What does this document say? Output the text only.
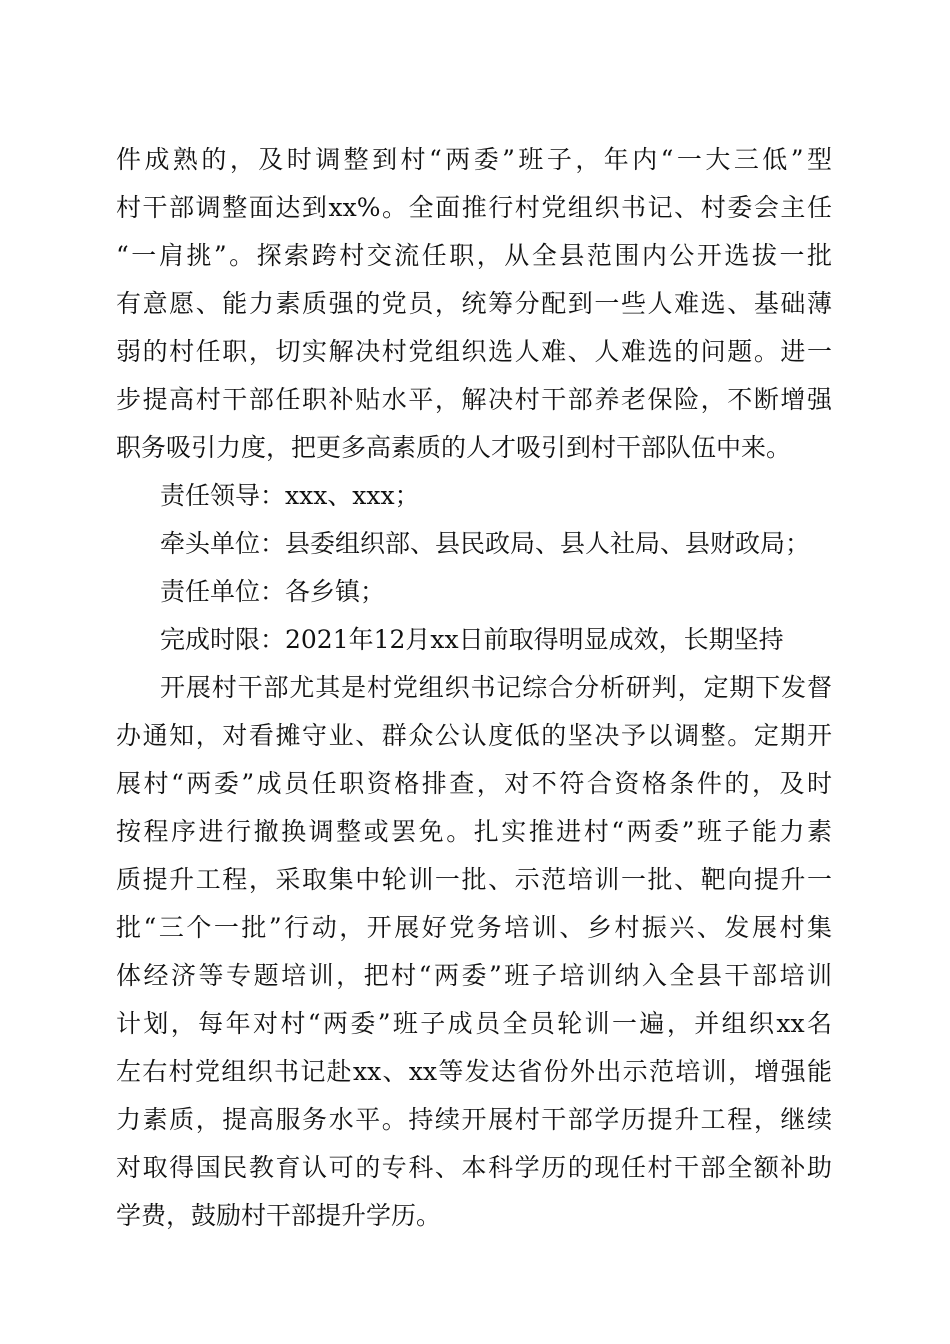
件成熟的，及时调整到村“两委”班子，年内“一大三低”型
村干部调整面达到xx%。全面推行村党组织书记、村委会主任
“一肩挑”。探索跨村交流任职，从全县范围内公开选拔一批
有意愿、能力素质强的党员，统筹分配到一些人难选、基础薄
弱的村任职，切实解决村党组织选人难、人难选的问题。进一
步提高村干部任职补贴水平，解决村干部养老保险，不断增强
职务吸引力度，把更多高素质的人才吸引到村干部队伍中来。
责任领导：xxx、xxx；
牵头单位：县委组织部、县民政局、县人社局、县财政局；
责任单位：各乡镇；
完成时限：2021年12月xx日前取得明显成效，长期坚持
开展村干部尤其是村党组织书记综合分析研判，定期下发督
办通知，对看摊守业、群众公认度低的坚决予以调整。定期开
展村“两委”成员任职资格排查，对不符合资格条件的，及时
按程序进行撤换调整或罢免。扎实推进村“两委”班子能力素
质提升工程，采取集中轮训一批、示范培训一批、靶向提升一
批“三个一批”行动，开展好党务培训、乡村振兴、发展村集
体经济等专题培训，把村“两委”班子培训纳入全县干部培训
计划，每年对村“两委”班子成员全员轮训一遍，并组织xx名
左右村党组织书记赴xx、xx等发达省份外出示范培训，增强能
力素质，提高服务水平。持续开展村干部学历提升工程，继续
对取得国民教育认可的专科、本科学历的现任村干部全额补助
学费，鼓励村干部提升学历。
